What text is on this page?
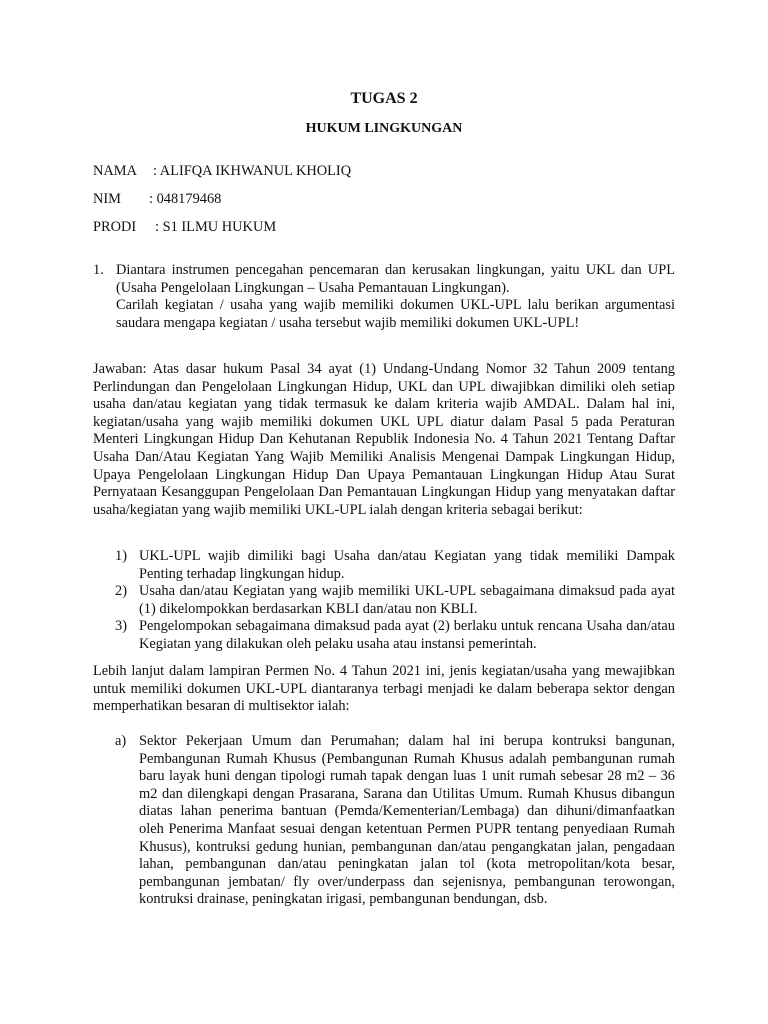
TUGAS 2
HUKUM LINGKUNGAN
NAMA : ALIFQA IKHWANUL KHOLIQ
NIM : 048179468
PRODI : S1 ILMU HUKUM
1. Diantara instrumen pencegahan pencemaran dan kerusakan lingkungan, yaitu UKL dan UPL (Usaha Pengelolaan Lingkungan – Usaha Pemantauan Lingkungan).

Carilah kegiatan / usaha yang wajib memiliki dokumen UKL-UPL lalu berikan argumentasi saudara mengapa kegiatan / usaha tersebut wajib memiliki dokumen UKL-UPL!

Jawaban: Atas dasar hukum Pasal 34 ayat (1) Undang-Undang Nomor 32 Tahun 2009 tentang Perlindungan dan Pengelolaan Lingkungan Hidup, UKL dan UPL diwajibkan dimiliki oleh setiap usaha dan/atau kegiatan yang tidak termasuk ke dalam kriteria wajib AMDAL. Dalam hal ini, kegiatan/usaha yang wajib memiliki dokumen UKL UPL diatur dalam Pasal 5 pada Peraturan Menteri Lingkungan Hidup Dan Kehutanan Republik Indonesia No. 4 Tahun 2021 Tentang Daftar Usaha Dan/Atau Kegiatan Yang Wajib Memiliki Analisis Mengenai Dampak Lingkungan Hidup, Upaya Pengelolaan Lingkungan Hidup Dan Upaya Pemantauan Lingkungan Hidup Atau Surat Pernyataan Kesanggupan Pengelolaan Dan Pemantauan Lingkungan Hidup yang menyatakan daftar usaha/kegiatan yang wajib memiliki UKL-UPL ialah dengan kriteria sebagai berikut:
1) UKL-UPL wajib dimiliki bagi Usaha dan/atau Kegiatan yang tidak memiliki Dampak Penting terhadap lingkungan hidup.

2) Usaha dan/atau Kegiatan yang wajib memiliki UKL-UPL sebagaimana dimaksud pada ayat (1) dikelompokkan berdasarkan KBLI dan/atau non KBLI.

3) Pengelompokan sebagaimana dimaksud pada ayat (2) berlaku untuk rencana Usaha dan/atau Kegiatan yang dilakukan oleh pelaku usaha atau instansi pemerintah.

Lebih lanjut dalam lampiran Permen No. 4 Tahun 2021 ini, jenis kegiatan/usaha yang mewajibkan untuk memiliki dokumen UKL-UPL diantaranya terbagi menjadi ke dalam beberapa sektor dengan memperhatikan besaran di multisektor ialah:
a) Sektor Pekerjaan Umum dan Perumahan; dalam hal ini berupa kontruksi bangunan, Pembangunan Rumah Khusus (Pembangunan Rumah Khusus adalah pembangunan rumah baru layak huni dengan tipologi rumah tapak dengan luas 1 unit rumah sebesar 28 m2 – 36 m2 dan dilengkapi dengan Prasarana, Sarana dan Utilitas Umum. Rumah Khusus dibangun diatas lahan penerima bantuan (Pemda/Kementerian/Lembaga) dan dihuni/dimanfaatkan oleh Penerima Manfaat sesuai dengan ketentuan Permen PUPR tentang penyediaan Rumah Khusus), kontruksi gedung hunian, pembangunan dan/atau pengangkatan jalan, pengadaan lahan, pembangunan dan/atau peningkatan jalan tol (kota metropolitan/kota besar, pembangunan jembatan/ fly over/underpass dan sejenisnya, pembangunan terowongan, kontruksi drainase, peningkatan irigasi, pembangunan bendungan, dsb.
